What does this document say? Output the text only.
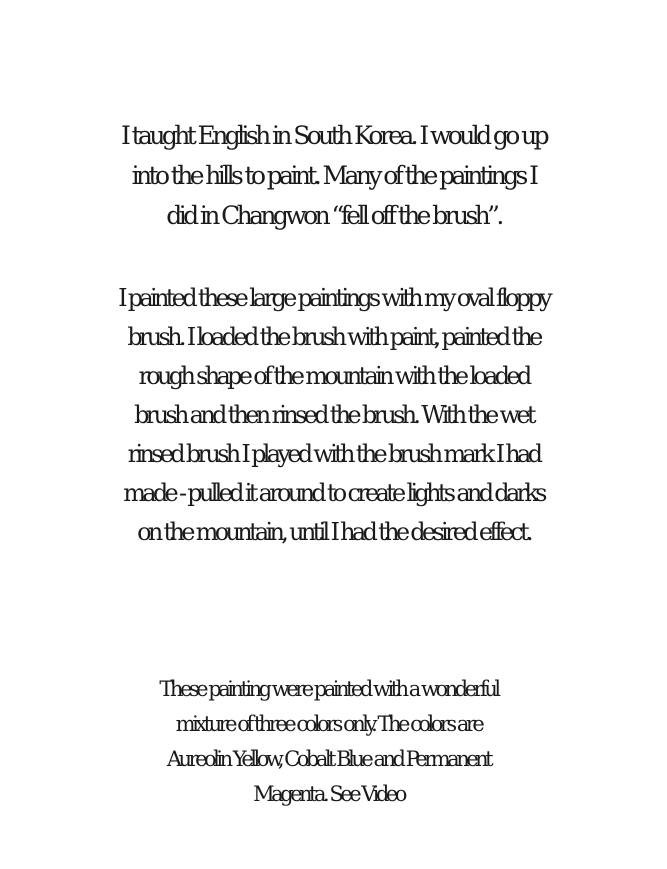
I taught English in South Korea. I would go up
into the hills to paint. Many of the paintings I
did in Changwon “fell off the brush”.

I painted these large paintings with my oval floppy
brush. I loaded the brush with paint, painted the
rough shape of the mountain with the loaded
brush and then rinsed the brush. With the wet
rinsed brush I played with the brush mark I had
made - pulled it around to create lights and darks
on the mountain, until I had the desired effect.

These painting were painted with a wonderful
mixture of three colors only. The colors are
Aureolin Yellow, Cobalt Blue and Permanent
Magenta. See Video
